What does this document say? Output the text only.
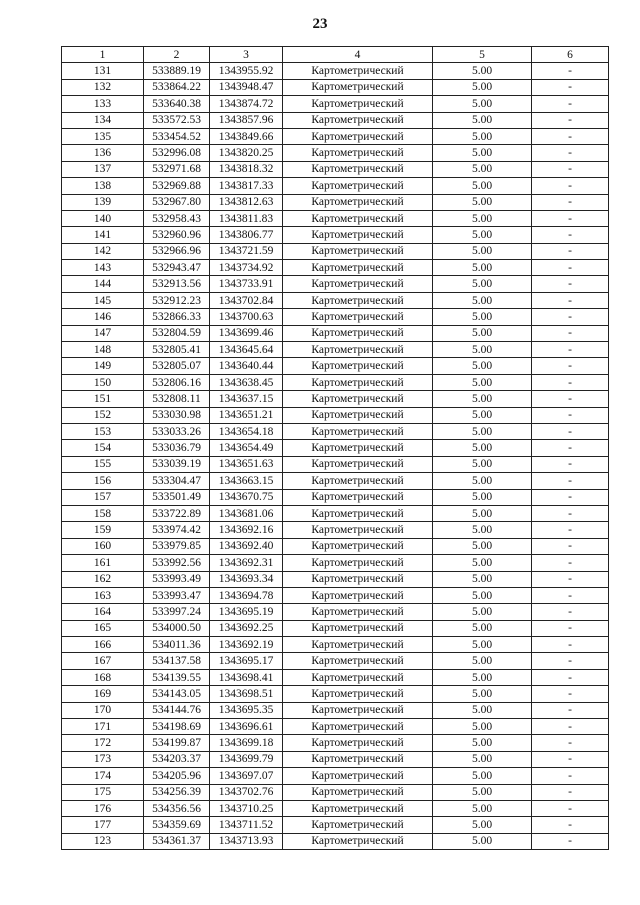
23
1	2	3	4	5	6
131	533889.19	1343955.92	Картометрический	5.00	-
132	533864.22	1343948.47	Картометрический	5.00	-
133	533640.38	1343874.72	Картометрический	5.00	-
134	533572.53	1343857.96	Картометрический	5.00	-
135	533454.52	1343849.66	Картометрический	5.00	-
136	532996.08	1343820.25	Картометрический	5.00	-
137	532971.68	1343818.32	Картометрический	5.00	-
138	532969.88	1343817.33	Картометрический	5.00	-
139	532967.80	1343812.63	Картометрический	5.00	-
140	532958.43	1343811.83	Картометрический	5.00	-
141	532960.96	1343806.77	Картометрический	5.00	-
142	532966.96	1343721.59	Картометрический	5.00	-
143	532943.47	1343734.92	Картометрический	5.00	-
144	532913.56	1343733.91	Картометрический	5.00	-
145	532912.23	1343702.84	Картометрический	5.00	-
146	532866.33	1343700.63	Картометрический	5.00	-
147	532804.59	1343699.46	Картометрический	5.00	-
148	532805.41	1343645.64	Картометрический	5.00	-
149	532805.07	1343640.44	Картометрический	5.00	-
150	532806.16	1343638.45	Картометрический	5.00	-
151	532808.11	1343637.15	Картометрический	5.00	-
152	533030.98	1343651.21	Картометрический	5.00	-
153	533033.26	1343654.18	Картометрический	5.00	-
154	533036.79	1343654.49	Картометрический	5.00	-
155	533039.19	1343651.63	Картометрический	5.00	-
156	533304.47	1343663.15	Картометрический	5.00	-
157	533501.49	1343670.75	Картометрический	5.00	-
158	533722.89	1343681.06	Картометрический	5.00	-
159	533974.42	1343692.16	Картометрический	5.00	-
160	533979.85	1343692.40	Картометрический	5.00	-
161	533992.56	1343692.31	Картометрический	5.00	-
162	533993.49	1343693.34	Картометрический	5.00	-
163	533993.47	1343694.78	Картометрический	5.00	-
164	533997.24	1343695.19	Картометрический	5.00	-
165	534000.50	1343692.25	Картометрический	5.00	-
166	534011.36	1343692.19	Картометрический	5.00	-
167	534137.58	1343695.17	Картометрический	5.00	-
168	534139.55	1343698.41	Картометрический	5.00	-
169	534143.05	1343698.51	Картометрический	5.00	-
170	534144.76	1343695.35	Картометрический	5.00	-
171	534198.69	1343696.61	Картометрический	5.00	-
172	534199.87	1343699.18	Картометрический	5.00	-
173	534203.37	1343699.79	Картометрический	5.00	-
174	534205.96	1343697.07	Картометрический	5.00	-
175	534256.39	1343702.76	Картометрический	5.00	-
176	534356.56	1343710.25	Картометрический	5.00	-
177	534359.69	1343711.52	Картометрический	5.00	-
123	534361.37	1343713.93	Картометрический	5.00	-
